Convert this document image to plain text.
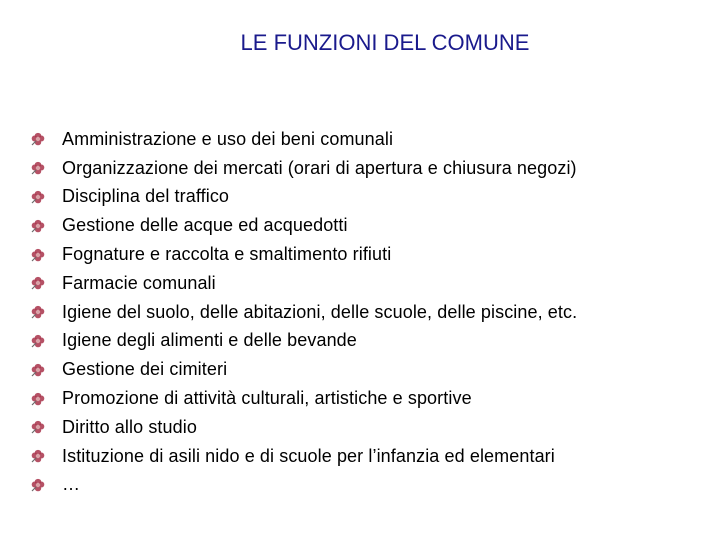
LE FUNZIONI DEL COMUNE
Amministrazione e uso dei beni comunali
Organizzazione dei mercati (orari di apertura e chiusura negozi)
Disciplina del traffico
Gestione delle acque ed acquedotti
Fognature e raccolta e smaltimento rifiuti
Farmacie comunali
Igiene del suolo, delle abitazioni, delle scuole, delle piscine, etc.
Igiene degli alimenti e delle bevande
Gestione dei cimiteri
Promozione di attività culturali, artistiche e sportive
Diritto allo studio
Istituzione di asili nido e di scuole per l’infanzia ed elementari
…
